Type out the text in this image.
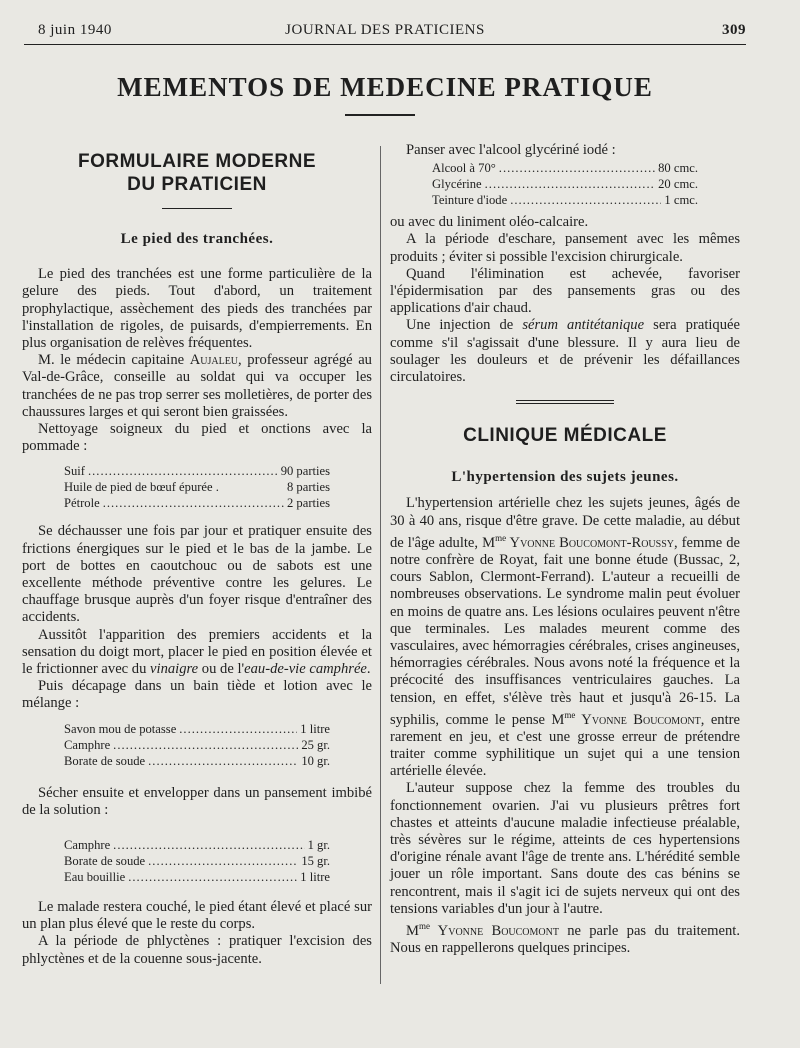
8 juin 1940	JOURNAL DES PRATICIENS	309
MEMENTOS DE MEDECINE PRATIQUE
FORMULAIRE MODERNE
DU PRATICIEN
Le pied des tranchées.

Le pied des tranchées est une forme particulière de la gelure des pieds. Tout d'abord, un traitement prophylactique, assèchement des pieds des tranchées par l'installation de rigoles, de puisards, d'empierrements. En plus organisation de relèves fréquentes.

M. le médecin capitaine Aujaleu, professeur agrégé au Val-de-Grâce, conseille au soldat qui va occuper les tranchées de ne pas trop serrer ses molletières, de porter des chaussures larges et qui seront bien graissées.

Nettoyage soigneux du pied et onctions avec la pommade :

Suif .....	90 parties
Huile de pied de bœuf épurée .	8 parties
Pétrole .....	2 parties

Se déchausser une fois par jour et pratiquer ensuite des frictions énergiques sur le pied et le bas de la jambe. Le port de bottes en caoutchouc ou de sabots est une excellente méthode préventive contre les gelures. Le chauffage brusque auprès d'un foyer risque d'entraîner des accidents.

Aussitôt l'apparition des premiers accidents et la sensation du doigt mort, placer le pied en position élevée et le frictionner avec du vinaigre ou de l'eau-de-vie camphrée.

Puis décapage dans un bain tiède et lotion avec le mélange :

Savon mou de potasse .....	1 litre
Camphre .....	25 gr.
Borate de soude .....	10 gr.

Sécher ensuite et envelopper dans un pansement imbibé de la solution :

Camphre .....	1 gr.
Borate de soude .....	15 gr.
Eau bouillie .....	1 litre

Le malade restera couché, le pied étant élevé et placé sur un plan plus élevé que le reste du corps.

A la période de phlyctènes : pratiquer l'excision des phlyctènes et de la couenne sous-jacente.

Panser avec l'alcool glycériné iodé :

Alcool à 70° .....	80 cmc.
Glycérine .....	20 cmc.
Teinture d'iode .....	1 cmc.

ou avec du liniment oléo-calcaire.

A la période d'eschare, pansement avec les mêmes produits ; éviter si possible l'excision chirurgicale.

Quand l'élimination est achevée, favoriser l'épidermisation par des pansements gras ou des applications d'air chaud.

Une injection de sérum antitétanique sera pratiquée comme s'il s'agissait d'une blessure. Il y aura lieu de soulager les douleurs et de prévenir les défaillances circulatoires.

CLINIQUE MÉDICALE
L'hypertension des sujets jeunes.

L'hypertension artérielle chez les sujets jeunes, âgés de 30 à 40 ans, risque d'être grave. De cette maladie, au début de l'âge adulte, $M^{me}$ Yvonne Boucomont-Roussy, femme de notre confrère de Royat, fait une bonne étude (Bussac, 2, cours Sablon, Clermont-Ferrand). L'auteur a recueilli de nombreuses observations. Le syndrome malin peut évoluer en moins de quatre ans. Les lésions oculaires peuvent n'être que terminales. Les malades meurent comme des vasculaires, avec hémorragies cérébrales, crises angineuses, hémorragies cérébrales. Nous avons noté la fréquence et la précocité des insuffisances ventriculaires gauches. La tension, en effet, s'élève très haut et jusqu'à 26-15. La syphilis, comme le pense $M^{me}$ Yvonne Boucomont, entre rarement en jeu, et c'est une grosse erreur de prétendre traiter comme syphilitique un sujet qui a une tension artérielle élevée.

L'auteur suppose chez la femme des troubles du fonctionnement ovarien. J'ai vu plusieurs prêtres fort chastes et atteints d'aucune maladie infectieuse préalable, très sévères sur le régime, atteints de ces hypertensions d'origine rénale avant l'âge de trente ans. L'hérédité semble jouer un rôle important. Sans doute des cas bénins se rencontrent, mais il s'agit ici de sujets nerveux qui ont des tensions variables d'un jour à l'autre.

$M^{me}$ Yvonne Boucomont ne parle pas du traitement. Nous en rappellerons quelques principes.
